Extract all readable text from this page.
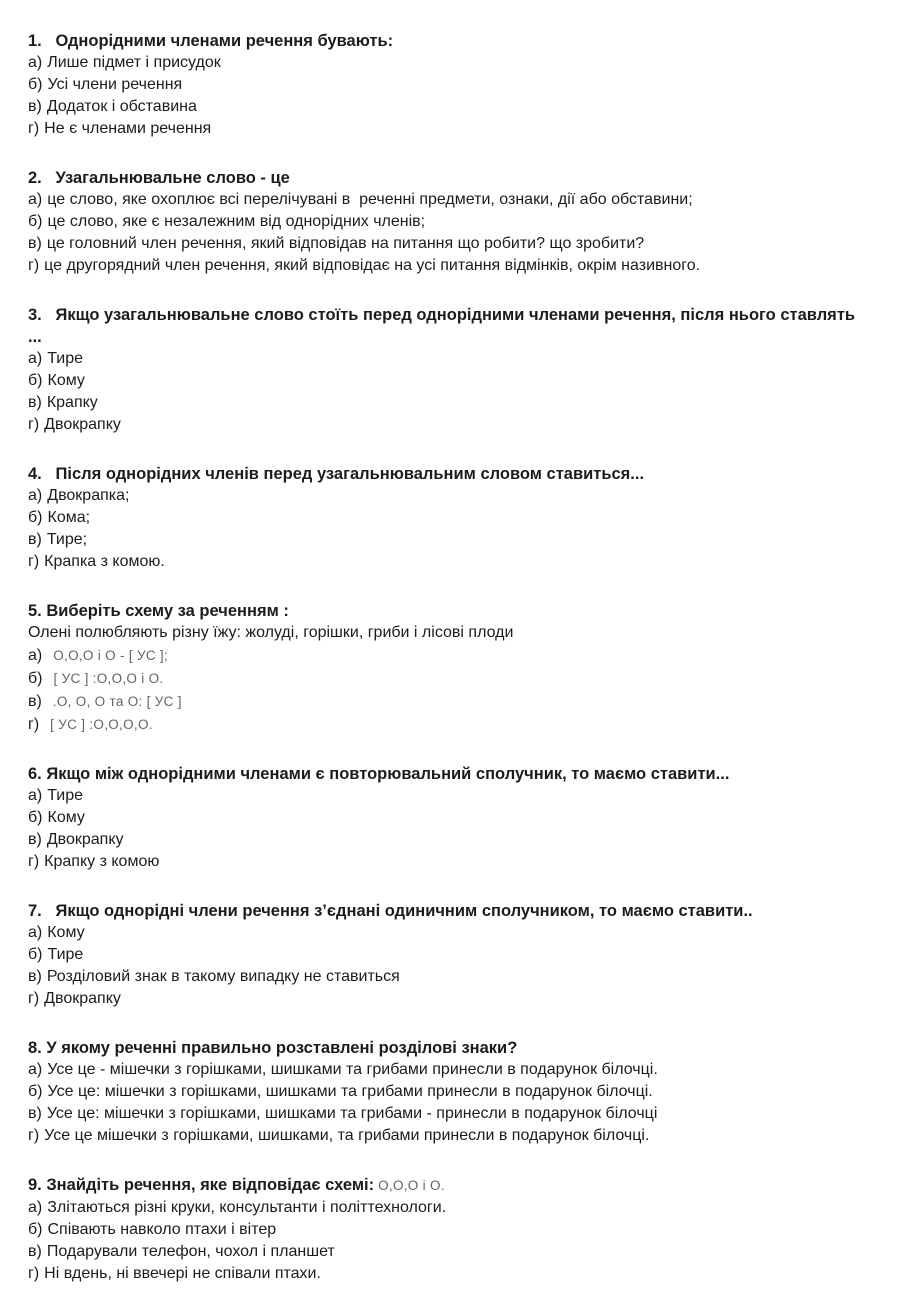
1.   Однорідними членами речення бувають:
а) Лише підмет і присудок
б) Усі члени речення
в) Додаток і обставина
г) Не є членами речення
2.   Узагальнювальне слово - це
а) це слово, яке охоплює всі перелічувані в  реченні предмети, ознаки, дії або обставини;
б) це слово, яке є незалежним від однорідних членів;
в) це головний член речення, який відповідав на питання що робити? що зробити?
г) це другорядний член речення, який відповідає на усі питання відмінків, окрім називного.
3.   Якщо узагальнювальне слово стоїть перед однорідними членами речення, після нього ставлять ...
а) Тире
б) Кому
в) Крапку
г) Двокрапку
4.   Після однорідних членів перед узагальнювальним словом ставиться...
а) Двокрапка;
б) Кома;
в) Тире;
г) Крапка з комою.
5. Виберіть схему за реченням :

Олені полюбляють різну їжу: жолуді, горішки, гриби і лісові плоди

а) О,О,О і О - [ УС ];
б) [ УС ] :О,О,О і О.
в) .О, О, О та О: [ УС ]
г) [ УС ] :О,О,О,О.
6. Якщо між однорідними членами є повторювальний сполучник, то маємо ставити...
а) Тире
б) Кому
в) Двокрапку
г) Крапку з комою
7.   Якщо однорідні члени речення з’єднані одиничним сполучником, то маємо ставити..
а) Кому
б) Тире
в) Розділовий знак в такому випадку не ставиться
г) Двокрапку
8. У якому реченні правильно розставлені розділові знаки?
а) Усе це - мішечки з горішками, шишками та грибами принесли в подарунок білочці.
б) Усе це: мішечки з горішками, шишками та грибами принесли в подарунок білочці.
в) Усе це: мішечки з горішками, шишками та грибами - принесли в подарунок білочці
г) Усе це мішечки з горішками, шишками, та грибами принесли в подарунок білочці.
9. Знайдіть речення, яке відповідає схемі: О,О,О і О.
а) Злітаються різні круки, консультанти і політтехнологи.
б) Співають навколо птахи і вітер
в) Подарували телефон, чохол і планшет
г) Ні вдень, ні ввечері не співали птахи.
